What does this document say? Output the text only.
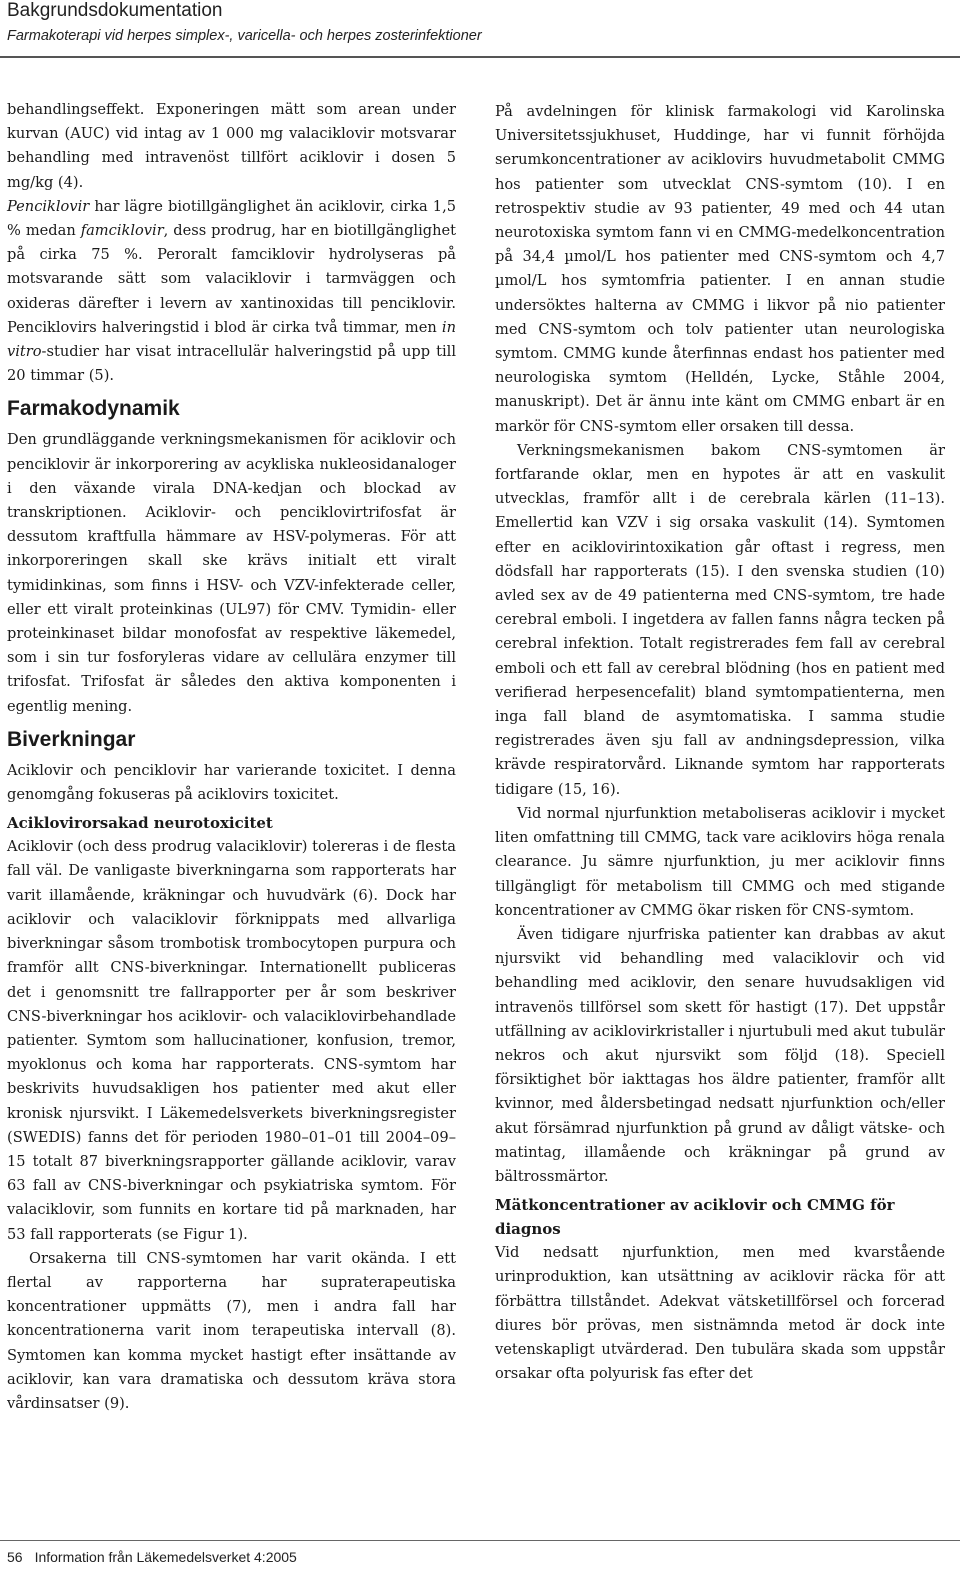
Bakgrundsdokumentation
Farmakoterapi vid herpes simplex-, varicella- och herpes zosterinfektioner

behandlingseffekt. Exponeringen mätt som arean under kurvan (AUC) vid intag av 1 000 mg valaciklovir motsvarar behandling med intravenöst tillfört aciklovir i dosen 5 mg/kg (4).

Penciklovir har lägre biotillgänglighet än aciklovir, cirka 1,5 % medan famciklovir, dess prodrug, har en biotillgänglighet på cirka 75 %. Peroralt famciklovir hydrolyseras på motsvarande sätt som valaciklovir i tarmväggen och oxideras därefter i levern av xantinoxidas till penciklovir. Penciklovirs halveringstid i blod är cirka två timmar, men in vitro-studier har visat intracellulär halveringstid på upp till 20 timmar (5).

Farmakodynamik

Den grundläggande verkningsmekanismen för aciklovir och penciklovir är inkorporering av acykliska nukleosidanaloger i den växande virala DNA-kedjan och blockad av transkriptionen. Aciklovir- och penciklovirtrifosfat är dessutom kraftfulla hämmare av HSV-polymeras. För att inkorporeringen skall ske krävs initialt ett viralt tymidinkinas, som finns i HSV- och VZV-infekterade celler, eller ett viralt proteinkinas (UL97) för CMV. Tymidin- eller proteinkinaset bildar monofosfat av respektive läkemedel, som i sin tur fosforyleras vidare av cellulära enzymer till trifosfat. Trifosfat är således den aktiva komponenten i egentlig mening.

Biverkningar

Aciklovir och penciklovir har varierande toxicitet. I denna genomgång fokuseras på aciklovirs toxicitet.

Aciklovirorsakad neurotoxicitet

Aciklovir (och dess prodrug valaciklovir) tolereras i de flesta fall väl. De vanligaste biverkningarna som rapporterats har varit illamående, kräkningar och huvudvärk (6). Dock har aciklovir och valaciklovir förknippats med allvarliga biverkningar såsom trombotisk trombocytopen purpura och framför allt CNS-biverkningar. Internationellt publiceras det i genomsnitt tre fallrapporter per år som beskriver CNS-biverkningar hos aciklovir- och valaciklovirbehandlade patienter. Symtom som hallucinationer, konfusion, tremor, myoklonus och koma har rapporterats. CNS-symtom har beskrivits huvudsakligen hos patienter med akut eller kronisk njursvikt. I Läkemedelsverkets biverkningsregister (SWEDIS) fanns det för perioden 1980–01–01 till 2004–09–15 totalt 87 biverkningsrapporter gällande aciklovir, varav 63 fall av CNS-biverkningar och psykiatriska symtom. För valaciklovir, som funnits en kortare tid på marknaden, har 53 fall rapporterats (se Figur 1).

Orsakerna till CNS-symtomen har varit okända. I ett flertal av rapporterna har supraterapeutiska koncentrationer uppmätts (7), men i andra fall har koncentrationerna varit inom terapeutiska intervall (8). Symtomen kan komma mycket hastigt efter insättande av aciklovir, kan vara dramatiska och dessutom kräva stora vårdinsatser (9).

På avdelningen för klinisk farmakologi vid Karolinska Universitetssjukhuset, Huddinge, har vi funnit förhöjda serumkoncentrationer av aciklovirs huvudmetabolit CMMG hos patienter som utvecklat CNS-symtom (10). I en retrospektiv studie av 93 patienter, 49 med och 44 utan neurotoxiska symtom fann vi en CMMG-medelkoncentration på 34,4 µmol/L hos patienter med CNS-symtom och 4,7 µmol/L hos symtomfria patienter. I en annan studie undersöktes halterna av CMMG i likvor på nio patienter med CNS-symtom och tolv patienter utan neurologiska symtom. CMMG kunde återfinnas endast hos patienter med neurologiska symtom (Helldén, Lycke, Ståhle 2004, manuskript). Det är ännu inte känt om CMMG enbart är en markör för CNS-symtom eller orsaken till dessa.

Verkningsmekanismen bakom CNS-symtomen är fortfarande oklar, men en hypotes är att en vaskulit utvecklas, framför allt i de cerebrala kärlen (11–13). Emellertid kan VZV i sig orsaka vaskulit (14). Symtomen efter en aciklovirintoxikation går oftast i regress, men dödsfall har rapporterats (15). I den svenska studien (10) avled sex av de 49 patienterna med CNS-symtom, tre hade cerebral emboli. I ingetdera av fallen fanns några tecken på cerebral infektion. Totalt registrerades fem fall av cerebral emboli och ett fall av cerebral blödning (hos en patient med verifierad herpesencefalit) bland symtompatienterna, men inga fall bland de asymtomatiska. I samma studie registrerades även sju fall av andningsdepression, vilka krävde respiratorvård. Liknande symtom har rapporterats tidigare (15, 16).

Vid normal njurfunktion metaboliseras aciklovir i mycket liten omfattning till CMMG, tack vare aciklovirs höga renala clearance. Ju sämre njurfunktion, ju mer aciklovir finns tillgängligt för metabolism till CMMG och med stigande koncentrationer av CMMG ökar risken för CNS-symtom.

Även tidigare njurfriska patienter kan drabbas av akut njursvikt vid behandling med valaciklovir och vid behandling med aciklovir, den senare huvudsakligen vid intravenös tillförsel som skett för hastigt (17). Det uppstår utfällning av aciklovirkristaller i njurtubuli med akut tubulär nekros och akut njursvikt som följd (18). Speciell försiktighet bör iakttagas hos äldre patienter, framför allt kvinnor, med åldersbetingad nedsatt njurfunktion och/eller akut försämrad njurfunktion på grund av dåligt vätske- och matintag, illamående och kräkningar på grund av bältrossmärtor.

Mätkoncentrationer av aciklovir och CMMG för diagnos

Vid nedsatt njurfunktion, men med kvarstående urinproduktion, kan utsättning av aciklovir räcka för att förbättra tillståndet. Adekvat vätsketillförsel och forcerad diures bör prövas, men sistnämnda metod är dock inte vetenskapligt utvärderad. Den tubulära skada som uppstår orsakar ofta polyurisk fas efter det

56 Information från Läkemedelsverket 4:2005
